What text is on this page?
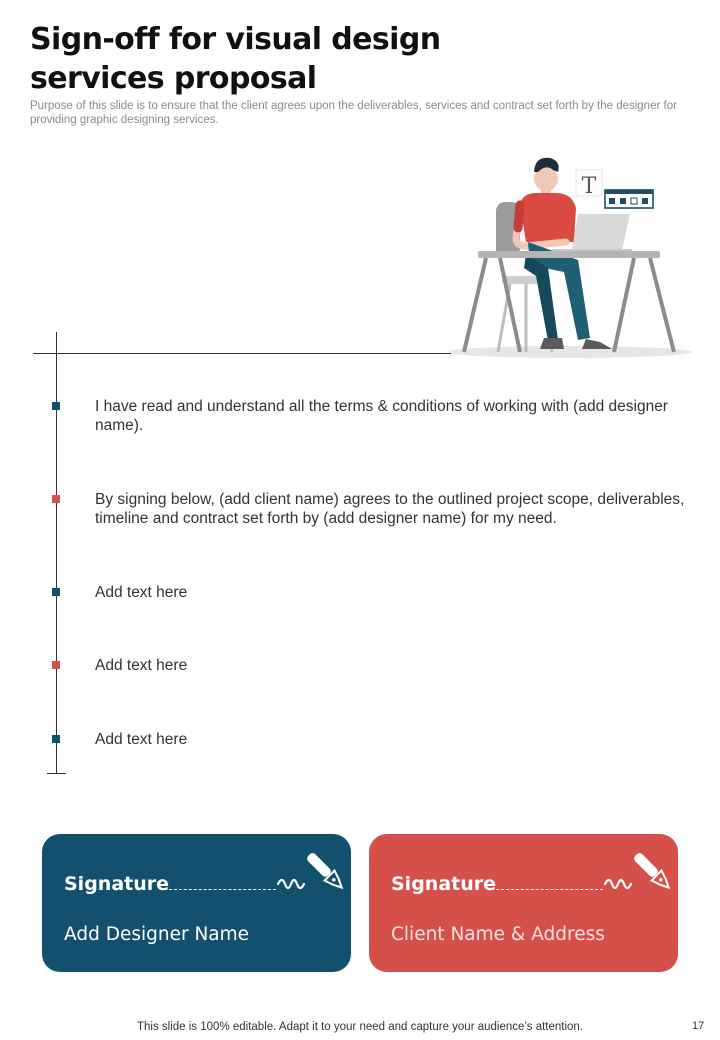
Sign-off for visual design services proposal
Purpose of this slide is to ensure that the client agrees upon the deliverables, services and contract set forth by the designer for providing graphic designing services.
T
I have read and understand all the terms & conditions of working with (add designer name).
By signing below, (add client name) agrees to the outlined project scope, deliverables, timeline and contract set forth by (add designer name) for my need.
Add text here
Add text here
Add text here
Signature
Add Designer Name
Signature
Client Name & Address
This slide is 100% editable. Adapt it to your need and capture your audience’s attention.	17
